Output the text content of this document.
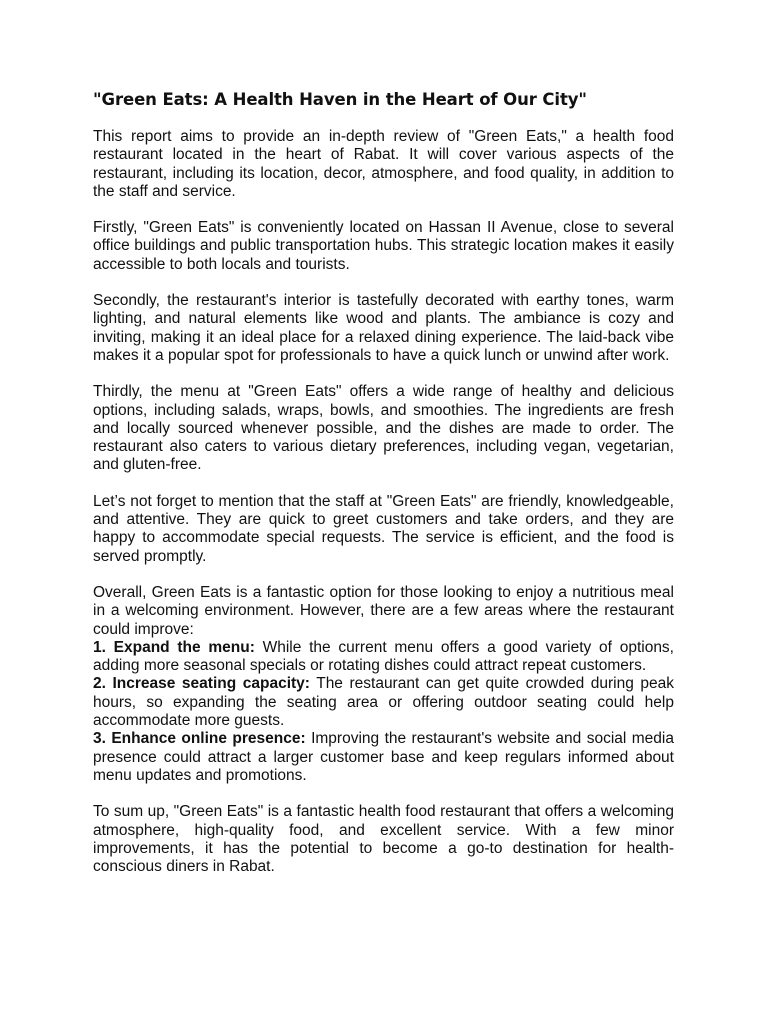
"Green Eats: A Health Haven in the Heart of Our City"

This report aims to provide an in-depth review of "Green Eats," a health food restaurant located in the heart of Rabat. It will cover various aspects of the restaurant, including its location, decor, atmosphere, and food quality, in addition to the staff and service.

Firstly, "Green Eats" is conveniently located on Hassan II Avenue, close to several office buildings and public transportation hubs. This strategic location makes it easily accessible to both locals and tourists.

Secondly, the restaurant's interior is tastefully decorated with earthy tones, warm lighting, and natural elements like wood and plants. The ambiance is cozy and inviting, making it an ideal place for a relaxed dining experience. The laid-back vibe makes it a popular spot for professionals to have a quick lunch or unwind after work.

Thirdly, the menu at "Green Eats" offers a wide range of healthy and delicious options, including salads, wraps, bowls, and smoothies. The ingredients are fresh and locally sourced whenever possible, and the dishes are made to order. The restaurant also caters to various dietary preferences, including vegan, vegetarian, and gluten-free.

Let’s not forget to mention that the staff at "Green Eats" are friendly, knowledgeable, and attentive. They are quick to greet customers and take orders, and they are happy to accommodate special requests. The service is efficient, and the food is served promptly.

Overall, Green Eats is a fantastic option for those looking to enjoy a nutritious meal in a welcoming environment. However, there are a few areas where the restaurant could improve:

1. Expand the menu: While the current menu offers a good variety of options, adding more seasonal specials or rotating dishes could attract repeat customers.

2. Increase seating capacity: The restaurant can get quite crowded during peak hours, so expanding the seating area or offering outdoor seating could help accommodate more guests.

3. Enhance online presence: Improving the restaurant's website and social media presence could attract a larger customer base and keep regulars informed about menu updates and promotions.

To sum up, "Green Eats" is a fantastic health food restaurant that offers a welcoming atmosphere, high-quality food, and excellent service. With a few minor improvements, it has the potential to become a go-to destination for health-conscious diners in Rabat.
